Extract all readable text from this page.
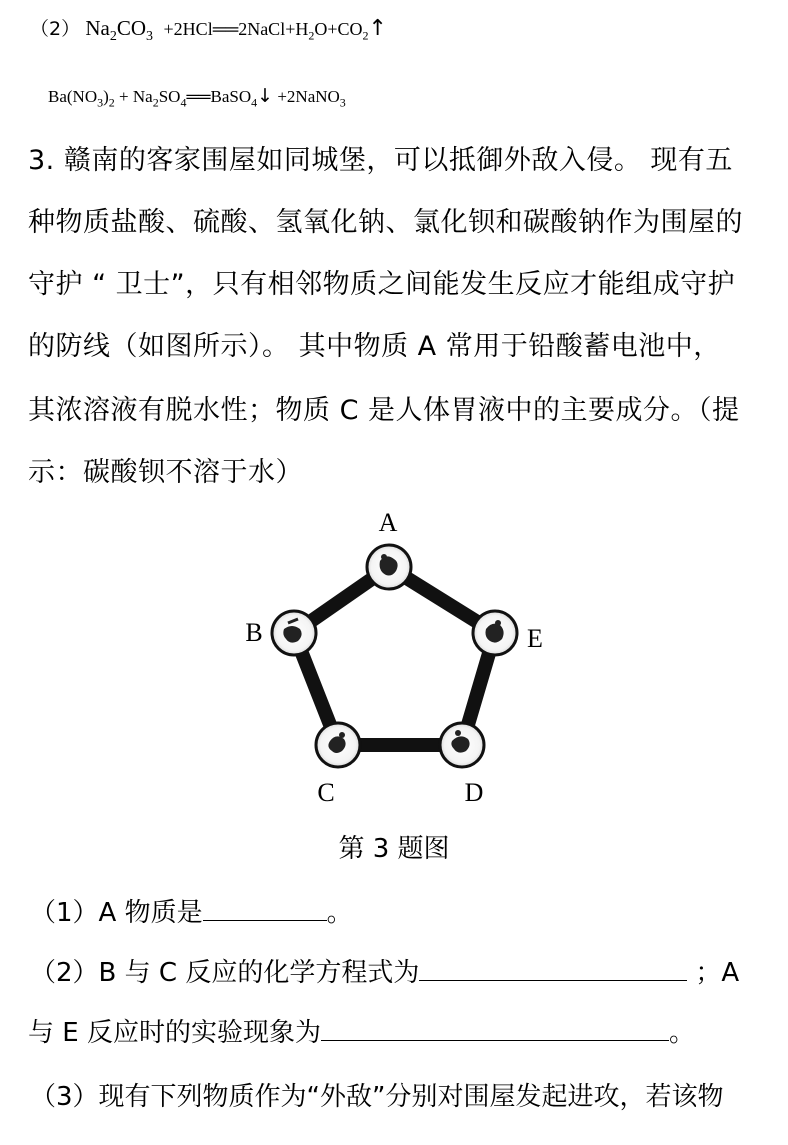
（2） $Na_2CO_3$ $+2HCl══2NaCl+H_2O+CO_2↑$
$Ba(NO_3)_2$ + $Na_2SO_4══BaSO_4↓$ +2NaNO$_3$
3. 赣南的客家围屋如同城堡，可以抵御外敌入侵。 现有五
种物质盐酸、硫酸、氢氧化钠、氯化钡和碳酸钠作为围屋的
守护 “ 卫士”，只有相邻物质之间能发生反应才能组成守护
的防线（如图所示）。 其中物质 A 常用于铅酸蓄电池中，
其浓溶液有脱水性；物质 C 是人体胃液中的主要成分。（提
示：碳酸钡不溶于水）
A
B	E
C	D
第 3 题图
（1）A 物质是	。
（2）B 与 C 反应的化学方程式为	；A
与 E 反应时的实验现象为	。
（3）现有下列物质作为“外敌”分别对围屋发起进攻，若该物
